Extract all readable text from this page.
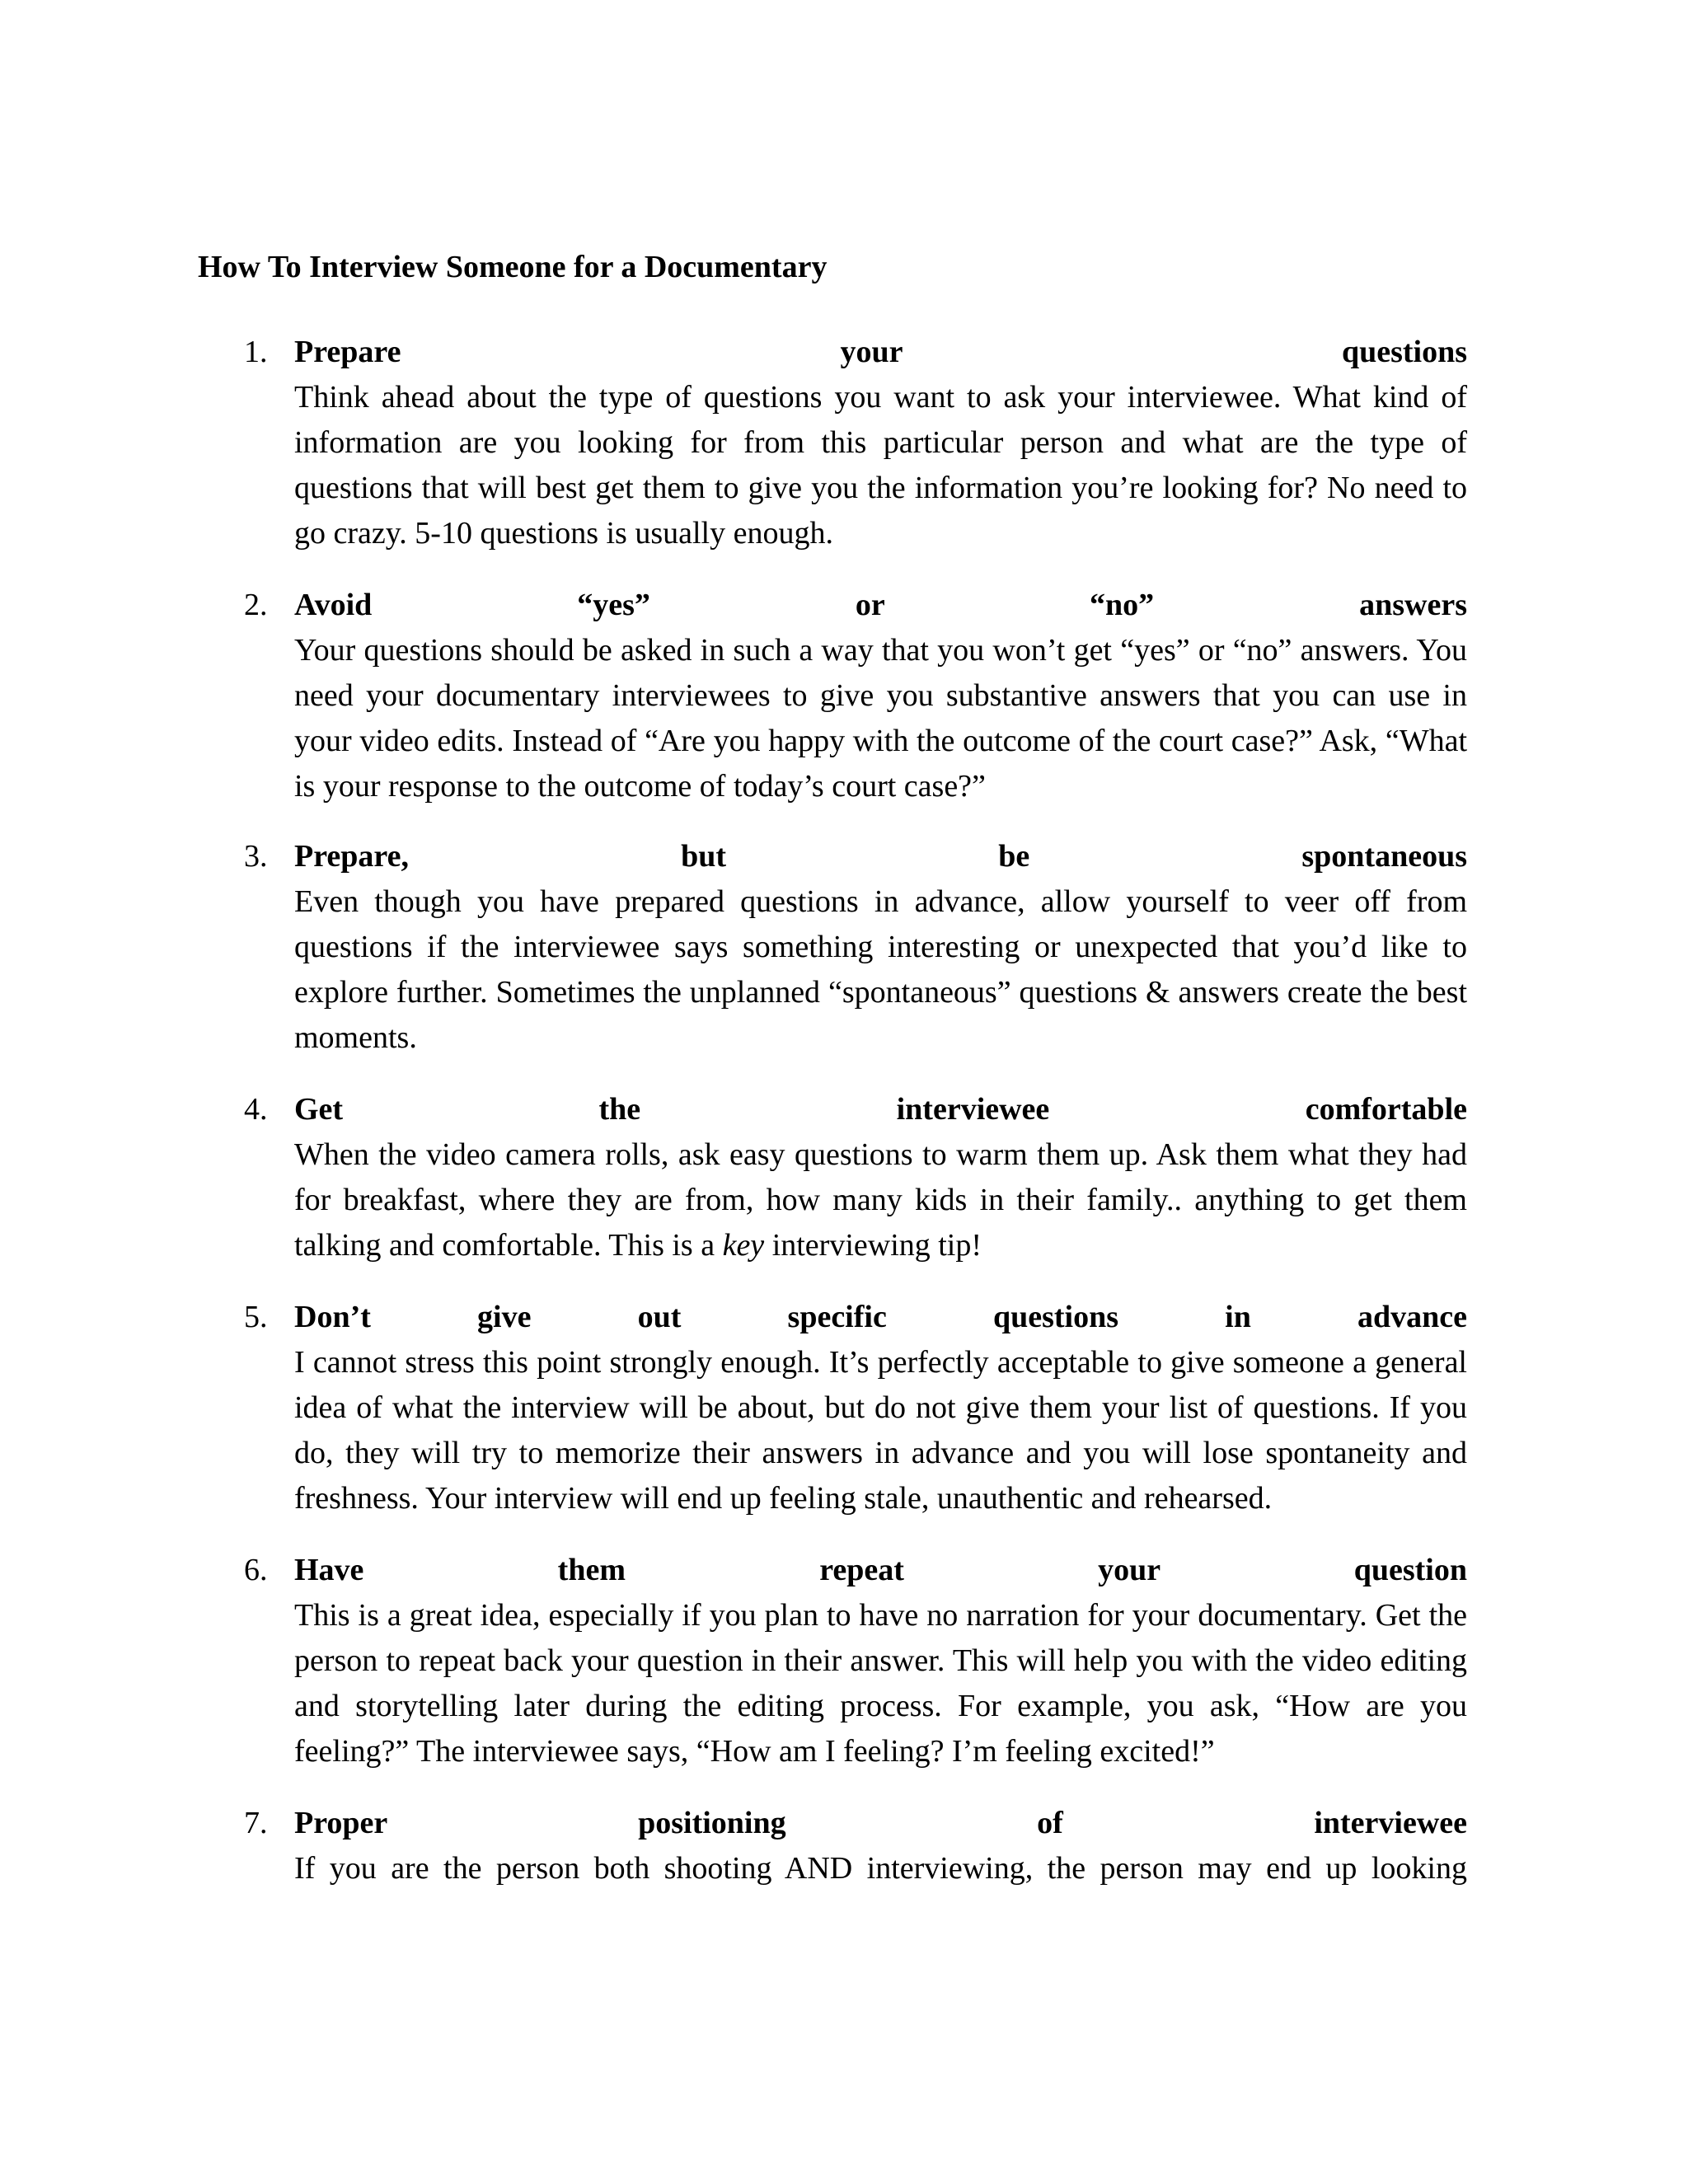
How To Interview Someone for a Documentary
1. Prepare your questions
Think ahead about the type of questions you want to ask your interviewee. What kind of information are you looking for from this particular person and what are the type of questions that will best get them to give you the information you’re looking for? No need to go crazy. 5-10 questions is usually enough.
2. Avoid “yes” or “no” answers
Your questions should be asked in such a way that you won’t get “yes” or “no” answers. You need your documentary interviewees to give you substantive answers that you can use in your video edits. Instead of “Are you happy with the outcome of the court case?” Ask, “What is your response to the outcome of today’s court case?”
3. Prepare, but be spontaneous
Even though you have prepared questions in advance, allow yourself to veer off from questions if the interviewee says something interesting or unexpected that you’d like to explore further. Sometimes the unplanned “spontaneous” questions & answers create the best moments.
4. Get the interviewee comfortable
When the video camera rolls, ask easy questions to warm them up. Ask them what they had for breakfast, where they are from, how many kids in their family.. anything to get them talking and comfortable. This is a key interviewing tip!
5. Don’t give out specific questions in advance
I cannot stress this point strongly enough. It’s perfectly acceptable to give someone a general idea of what the interview will be about, but do not give them your list of questions. If you do, they will try to memorize their answers in advance and you will lose spontaneity and freshness. Your interview will end up feeling stale, unauthentic and rehearsed.
6. Have them repeat your question
This is a great idea, especially if you plan to have no narration for your documentary. Get the person to repeat back your question in their answer. This will help you with the video editing and storytelling later during the editing process. For example, you ask, “How are you feeling?” The interviewee says, “How am I feeling? I’m feeling excited!”
7. Proper positioning of interviewee
If you are the person both shooting AND interviewing, the person may end up looking
